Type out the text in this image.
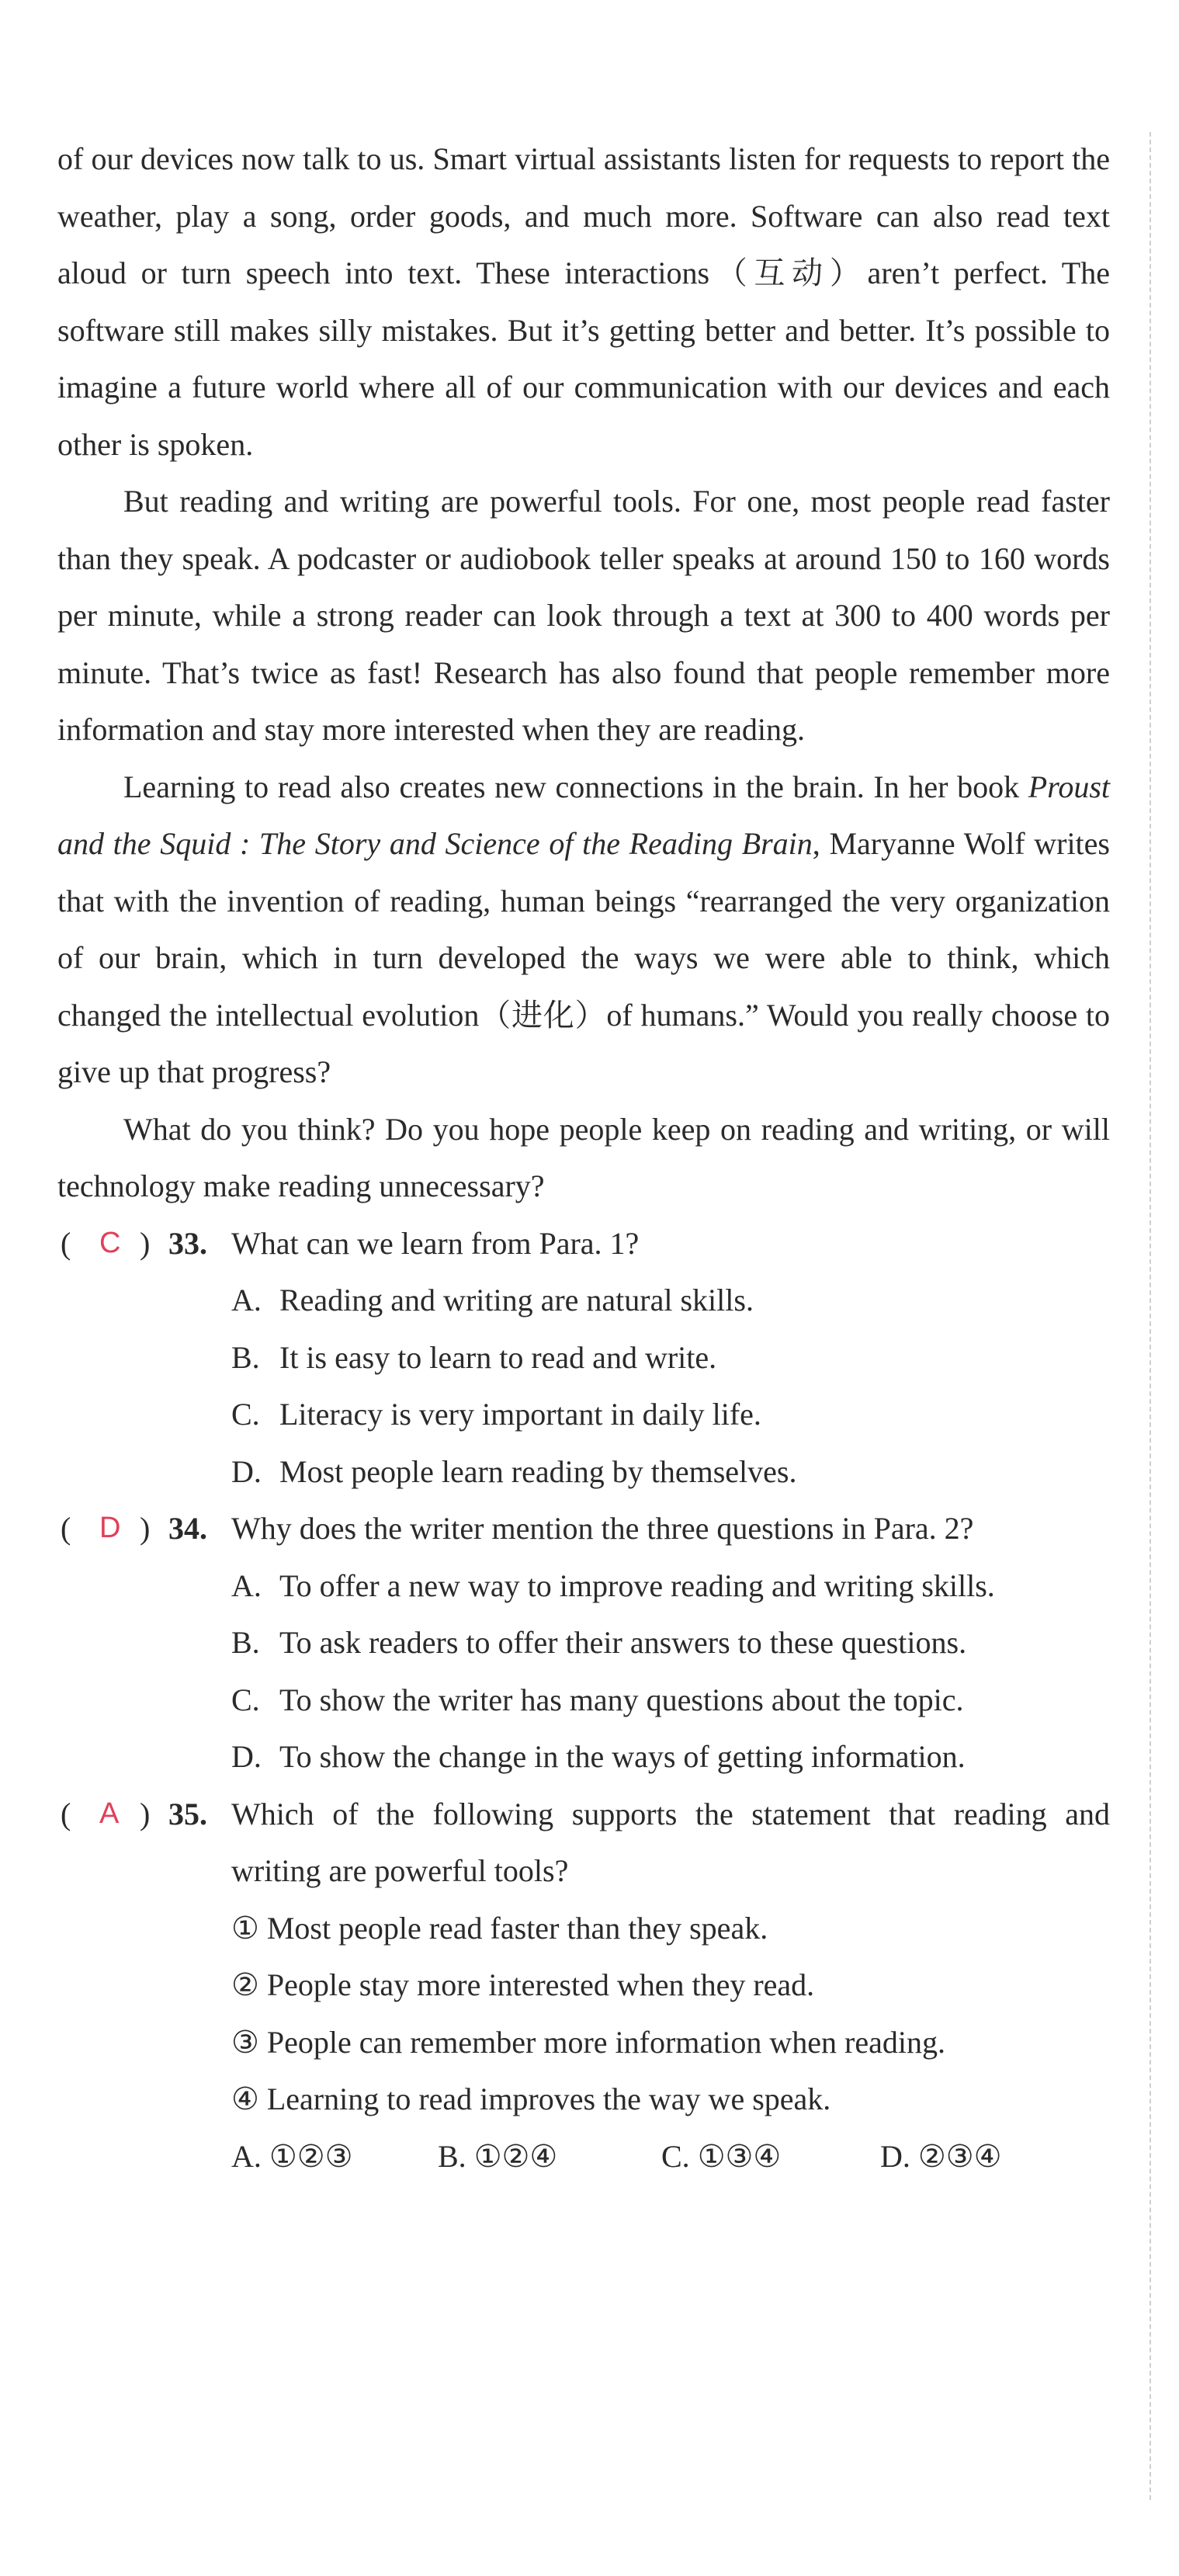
of our devices now talk to us. Smart virtual assistants listen for requests to report the weather, play a song, order goods, and much more. Software can also read text aloud or turn speech into text. These interactions（互动）aren’t perfect. The software still makes silly mistakes. But it’s getting better and better. It’s possible to imagine a future world where all of our communication with our devices and each other is spoken.

But reading and writing are powerful tools. For one, most people read faster than they speak. A podcaster or audiobook teller speaks at around 150 to 160 words per minute, while a strong reader can look through a text at 300 to 400 words per minute. That’s twice as fast! Research has also found that people remember more information and stay more interested when they are reading.

Learning to read also creates new connections in the brain. In her book Proust and the Squid : The Story and Science of the Reading Brain, Maryanne Wolf writes that with the invention of reading, human beings “rearranged the very organization of our brain, which in turn developed the ways we were able to think, which changed the intellectual evolution（进化）of humans.” Would you really choose to give up that progress?

What do you think? Do you hope people keep on reading and writing, or will technology make reading unnecessary?

( C ) 33. What can we learn from Para. 1?
A. Reading and writing are natural skills.
B. It is easy to learn to read and write.
C. Literacy is very important in daily life.
D. Most people learn reading by themselves.
( D ) 34. Why does the writer mention the three questions in Para. 2?
A. To offer a new way to improve reading and writing skills.
B. To ask readers to offer their answers to these questions.
C. To show the writer has many questions about the topic.
D. To show the change in the ways of getting information.
( A ) 35. Which of the following supports the statement that reading and writing are powerful tools?
① Most people read faster than they speak.
② People stay more interested when they read.
③ People can remember more information when reading.
④ Learning to read improves the way we speak.
A. ①②③	B. ①②④	C. ①③④	D. ②③④
